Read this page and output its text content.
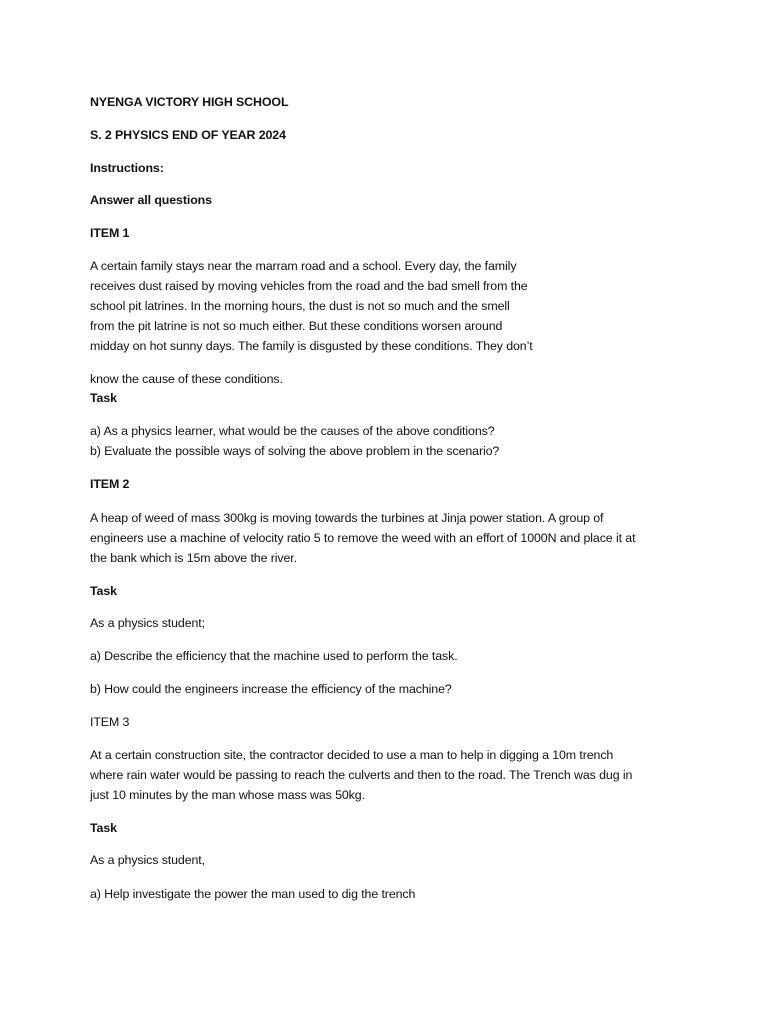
NYENGA VICTORY HIGH SCHOOL
S. 2 PHYSICS END OF YEAR 2024
Instructions:
Answer all questions
ITEM 1
A certain family stays near the marram road and a school. Every day, the family
receives dust raised by moving vehicles from the road and the bad smell from the
school pit latrines. In the morning hours, the dust is not so much and the smell
from the pit latrine is not so much either. But these conditions worsen around
midday on hot sunny days. The family is disgusted by these conditions. They don’t
know the cause of these conditions.
Task
a) As a physics learner, what would be the causes of the above conditions?
b) Evaluate the possible ways of solving the above problem in the scenario?
ITEM 2
A heap of weed of mass 300kg is moving towards the turbines at Jinja power station. A group of
engineers use a machine of velocity ratio 5 to remove the weed with an effort of 1000N and place it at
the bank which is 15m above the river.
Task
As a physics student;
a) Describe the efficiency that the machine used to perform the task.
b) How could the engineers increase the efficiency of the machine?
ITEM 3
At a certain construction site, the contractor decided to use a man to help in digging a 10m trench
where rain water would be passing to reach the culverts and then to the road. The Trench was dug in
just 10 minutes by the man whose mass was 50kg.
Task
As a physics student,
a) Help investigate the power the man used to dig the trench
